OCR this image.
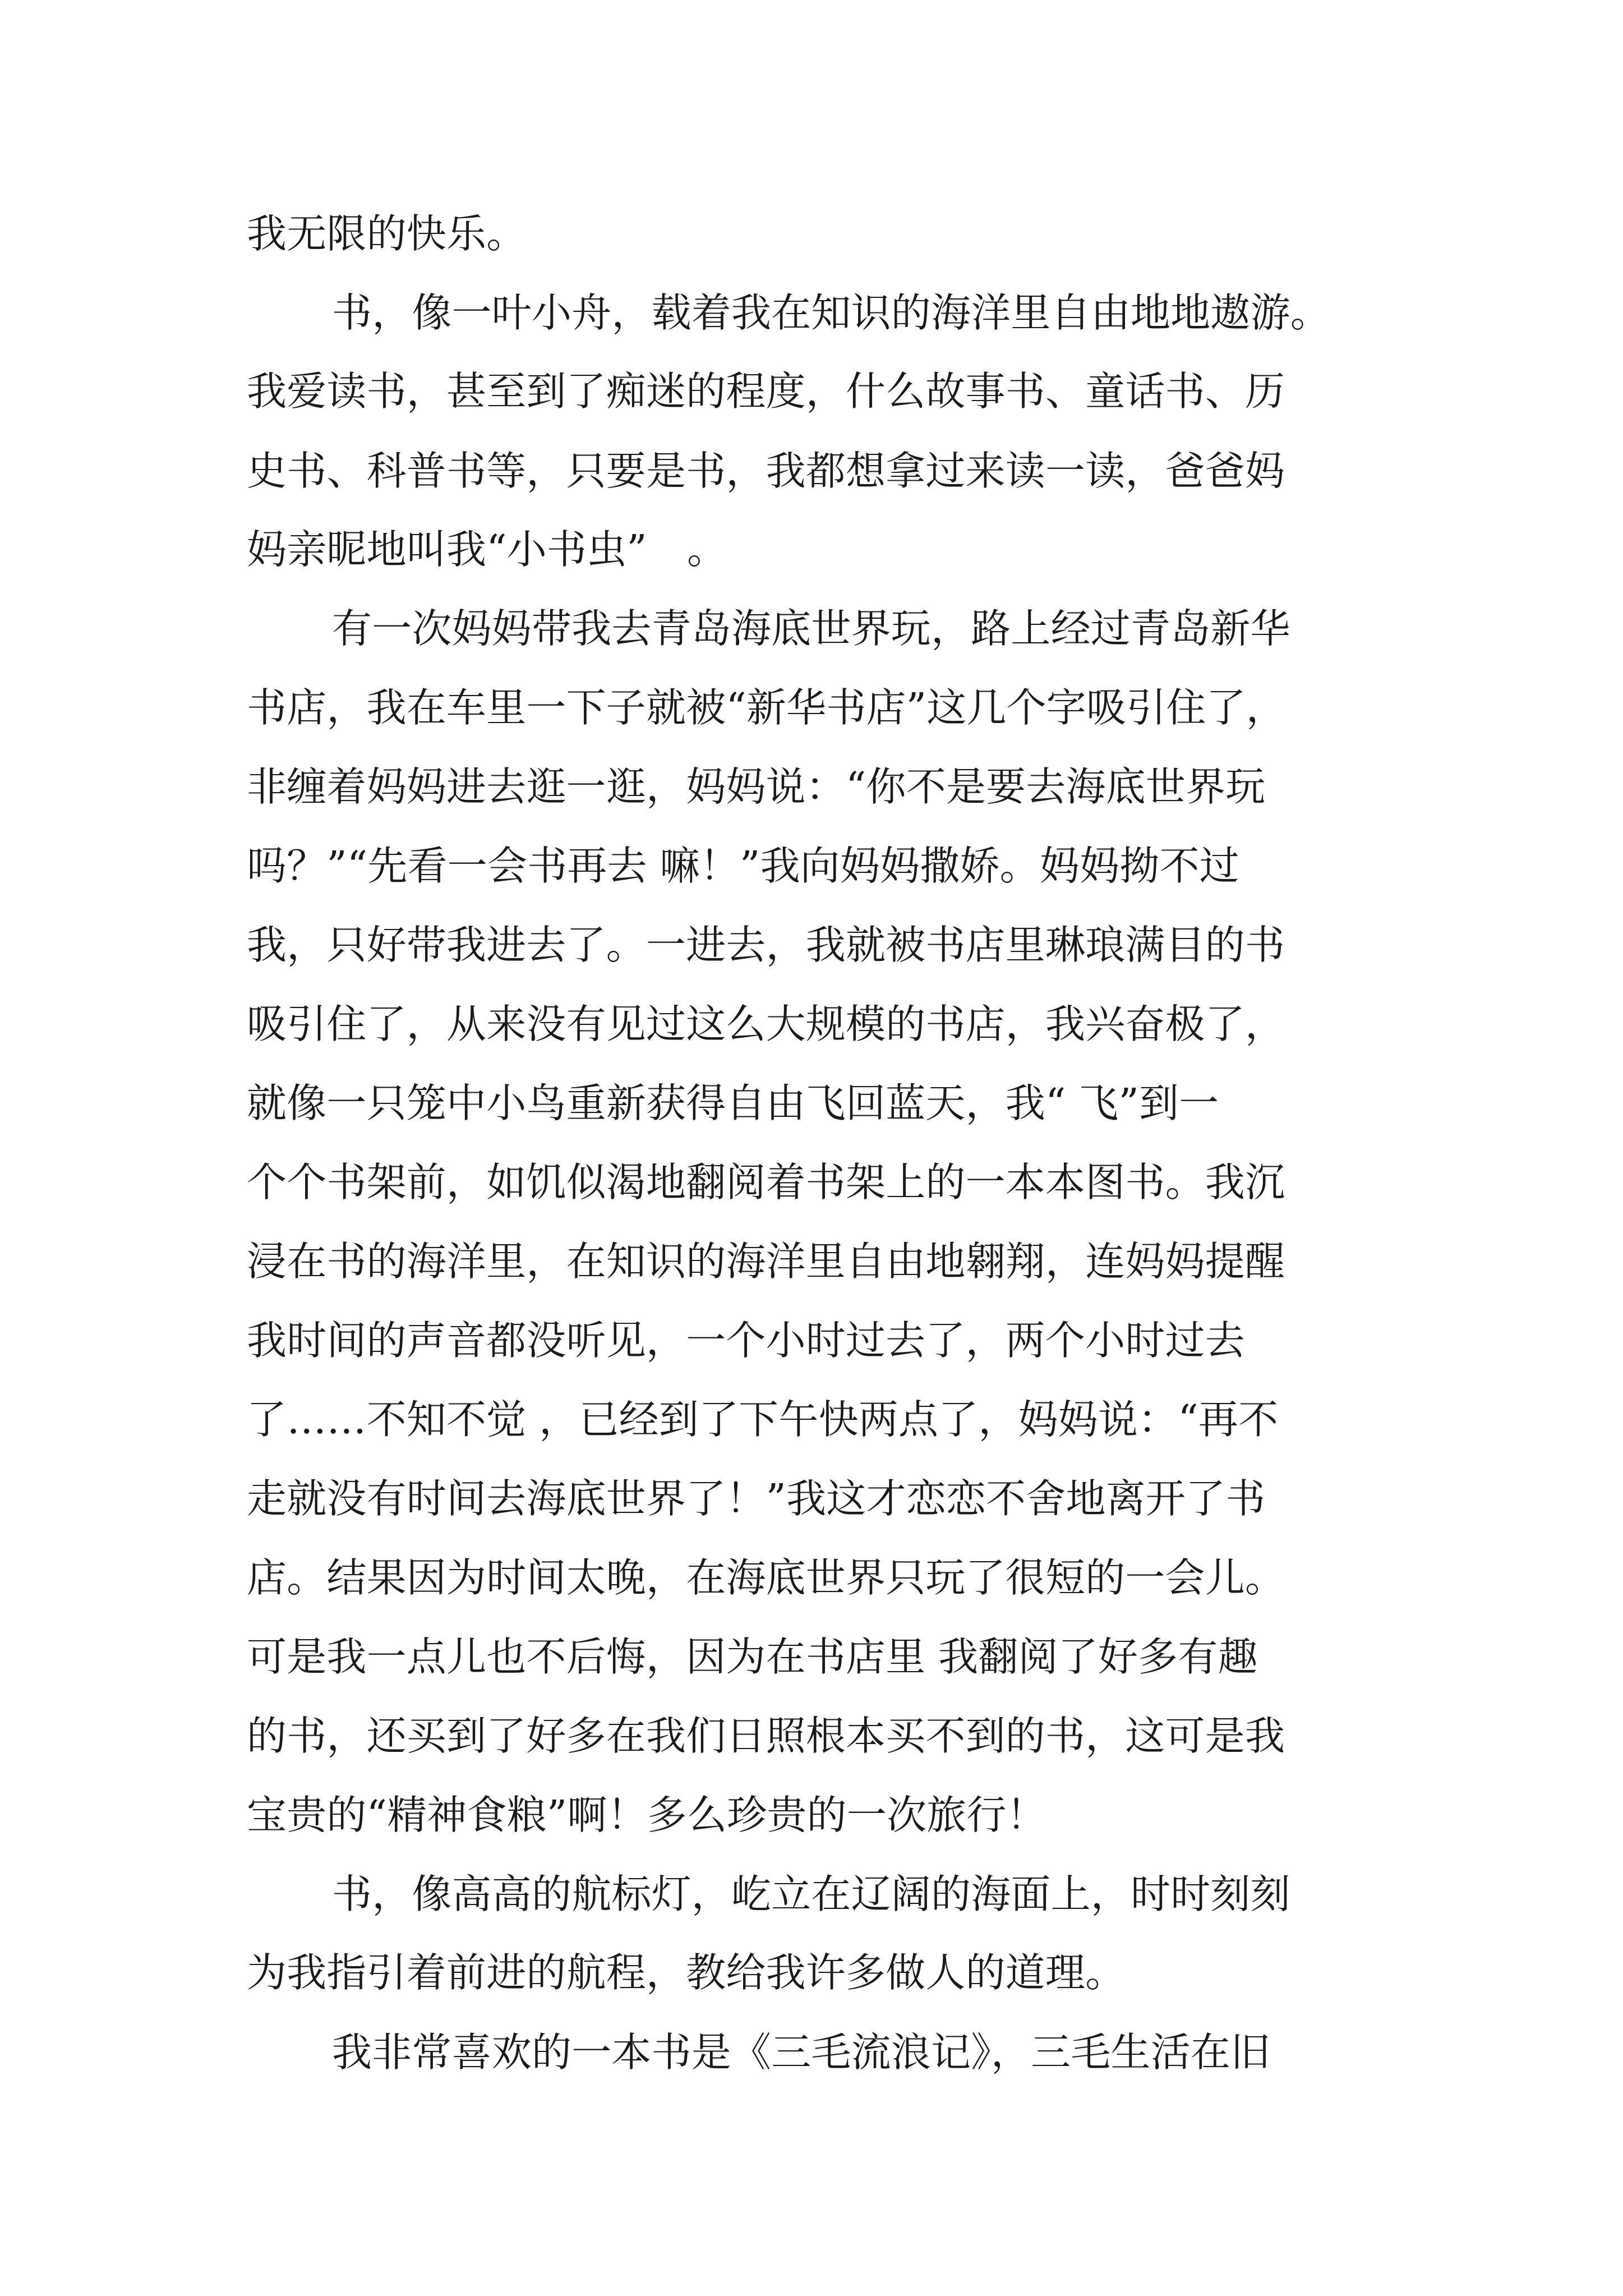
我无限的快乐。
书，像一叶小舟，载着我在知识的海洋里自由地地遨游。
我爱读书，甚至到了痴迷的程度，什么故事书、童话书、历
史书、科普书等，只要是书，我都想拿过来读一读，爸爸妈
妈亲昵地叫我“小书虫”　。
有一次妈妈带我去青岛海底世界玩，路上经过青岛新华
书店，我在车里一下子就被“新华书店”这几个字吸引住了，
非缠着妈妈进去逛一逛，妈妈说：“你不是要去海底世界玩
吗？”“先看一会书再去 嘛！”我向妈妈撒娇。妈妈拗不过
我，只好带我进去了。一进去，我就被书店里琳琅满目的书
吸引住了，从来没有见过这么大规模的书店，我兴奋极了，
就像一只笼中小鸟重新获得自由飞回蓝天，我“ 飞”到一
个个书架前，如饥似渴地翻阅着书架上的一本本图书。我沉
浸在书的海洋里，在知识的海洋里自由地翱翔，连妈妈提醒
我时间的声音都没听见，一个小时过去了，两个小时过去
了……不知不觉 ，已经到了下午快两点了，妈妈说：“再不
走就没有时间去海底世界了！”我这才恋恋不舍地离开了书
店。结果因为时间太晚，在海底世界只玩了很短的一会儿。
可是我一点儿也不后悔，因为在书店里 我翻阅了好多有趣
的书，还买到了好多在我们日照根本买不到的书，这可是我
宝贵的“精神食粮”啊！多么珍贵的一次旅行！
书，像高高的航标灯，屹立在辽阔的海面上，时时刻刻
为我指引着前进的航程，教给我许多做人的道理。
我非常喜欢的一本书是《三毛流浪记》，三毛生活在旧
